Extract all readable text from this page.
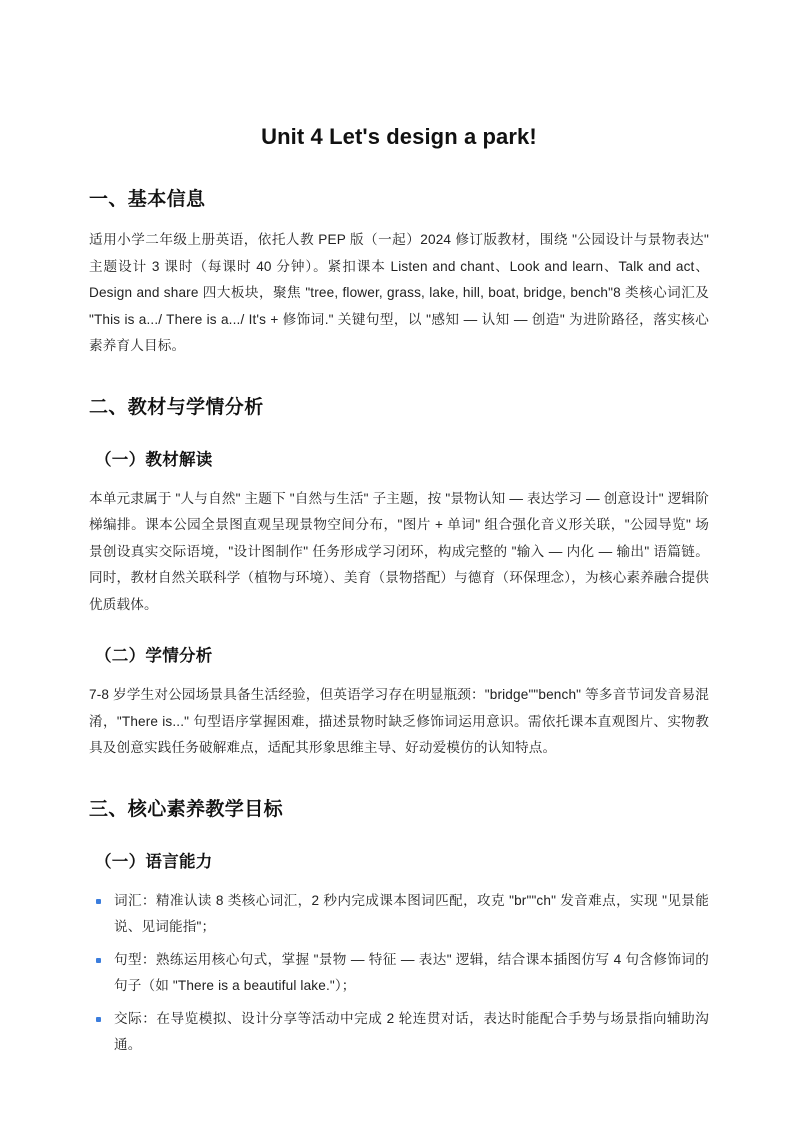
Unit 4 Let's design a park!
一、基本信息

适用小学二年级上册英语，依托人教 PEP 版（一起）2024 修订版教材，围绕 "公园设计与景物表达" 主题设计 3 课时（每课时 40 分钟）。紧扣课本 Listen and chant、Look and learn、Talk and act、Design and share 四大板块，聚焦 "tree, flower, grass, lake, hill, boat, bridge, bench"8 类核心词汇及 "This is a.../ There is a.../ It's + 修饰词." 关键句型，以 "感知 — 认知 — 创造" 为进阶路径，落实核心素养育人目标。

二、教材与学情分析
（一）教材解读

本单元隶属于 "人与自然" 主题下 "自然与生活" 子主题，按 "景物认知 — 表达学习 — 创意设计" 逻辑阶梯编排。课本公园全景图直观呈现景物空间分布，"图片 + 单词" 组合强化音义形关联，"公园导览" 场景创设真实交际语境，"设计图制作" 任务形成学习闭环，构成完整的 "输入 — 内化 — 输出" 语篇链。同时，教材自然关联科学（植物与环境）、美育（景物搭配）与德育（环保理念），为核心素养融合提供优质载体。

（二）学情分析

7-8 岁学生对公园场景具备生活经验，但英语学习存在明显瓶颈："bridge""bench" 等多音节词发音易混淆，"There is..." 句型语序掌握困难，描述景物时缺乏修饰词运用意识。需依托课本直观图片、实物教具及创意实践任务破解难点，适配其形象思维主导、好动爱模仿的认知特点。

三、核心素养教学目标
（一）语言能力
词汇：精准认读 8 类核心词汇，2 秒内完成课本图词匹配，攻克 "br""ch" 发音难点，实现 "见景能说、见词能指"；
句型：熟练运用核心句式，掌握 "景物 — 特征 — 表达" 逻辑，结合课本插图仿写 4 句含修饰词的句子（如 "There is a beautiful lake."）；
交际：在导览模拟、设计分享等活动中完成 2 轮连贯对话，表达时能配合手势与场景指向辅助沟通。
